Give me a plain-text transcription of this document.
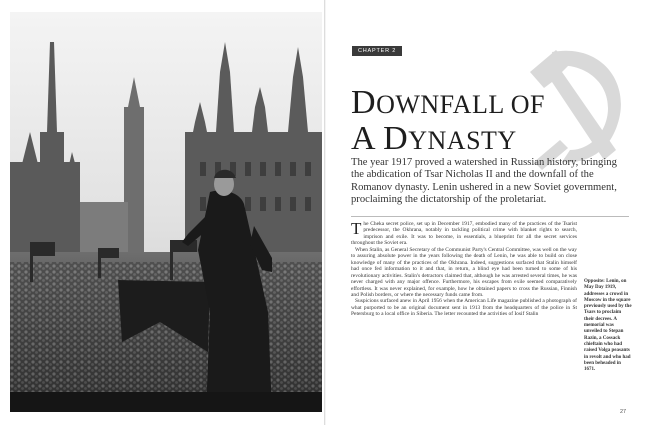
CHAPTER 2
DOWNFALL OF
A DYNASTY
The year 1917 proved a watershed in Russian history, bringing the abdication of Tsar Nicholas II and the downfall of the Romanov dynasty. Lenin ushered in a new Soviet government, proclaiming the dictatorship of the proletariat.

The Cheka secret police, set up in December 1917, embodied many of the practices of the Tsarist predecessor, the Okhrana, notably in tackling political crime with blanket rights to search, imprison and exile. It was to become, in essentials, a blueprint for all the secret services throughout the Soviet era.

When Stalin, as General Secretary of the Communist Party's Central Committee, was well on the way to assuring absolute power in the years following the death of Lenin, he was able to build on close knowledge of many of the practices of the Okhrana. Indeed, suggestions surfaced that Stalin himself had once fed information to it and that, in return, a blind eye had been turned to some of his revolutionary activities. Stalin's detractors claimed that, although he was arrested several times, he was never charged with any major offence. Furthermore, his escapes from exile seemed comparatively effortless. It was never explained, for example, how he obtained papers to cross the Russian, Finnish and Polish borders, or where the necessary funds came from.

Suspicions surfaced anew in April 1956 when the American Life magazine published a photograph of what purported to be an original document sent in 1913 from the headquarters of the police in St Petersburg to a local office in Siberia. The letter recounted the activities of Iosif Stalin

Opposite: Lenin, on May Day 1919, addresses a crowd in Moscow in the square previously used by the Tsars to proclaim their decrees. A memorial was unveiled to Stepan Razin, a Cossack chieftain who had raised Volga peasants in revolt and who had been beheaded in 1671.
27
